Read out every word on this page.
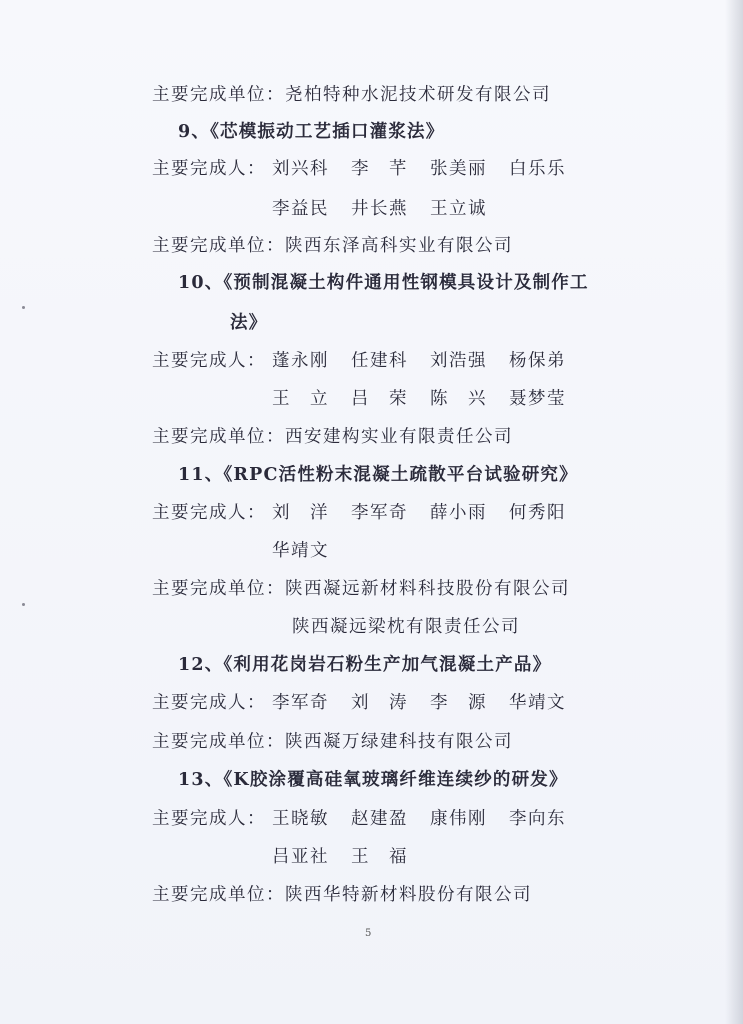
主要完成单位：尧柏特种水泥技术研发有限公司
9、《芯模振动工艺插口灌浆法》
主要完成人： 刘兴科 李　芊 张美丽 白乐乐
李益民 井长燕 王立诚
主要完成单位：陕西东泽高科实业有限公司
10、《预制混凝土构件通用性钢模具设计及制作工
法》
主要完成人： 蓬永刚 任建科 刘浩强 杨保弟
王　立 吕　荣 陈　兴 聂梦莹
主要完成单位：西安建构实业有限责任公司
11、《RPC活性粉末混凝土疏散平台试验研究》
主要完成人： 刘　洋 李军奇 薛小雨 何秀阳
华靖文
主要完成单位：陕西凝远新材料科技股份有限公司
陕西凝远梁枕有限责任公司
12、《利用花岗岩石粉生产加气混凝土产品》
主要完成人： 李军奇 刘　涛 李　源 华靖文
主要完成单位：陕西凝万绿建科技有限公司
13、《K胶涂覆高硅氧玻璃纤维连续纱的研发》
主要完成人： 王晓敏 赵建盈 康伟刚 李向东
吕亚社 王　福
主要完成单位：陕西华特新材料股份有限公司
5
